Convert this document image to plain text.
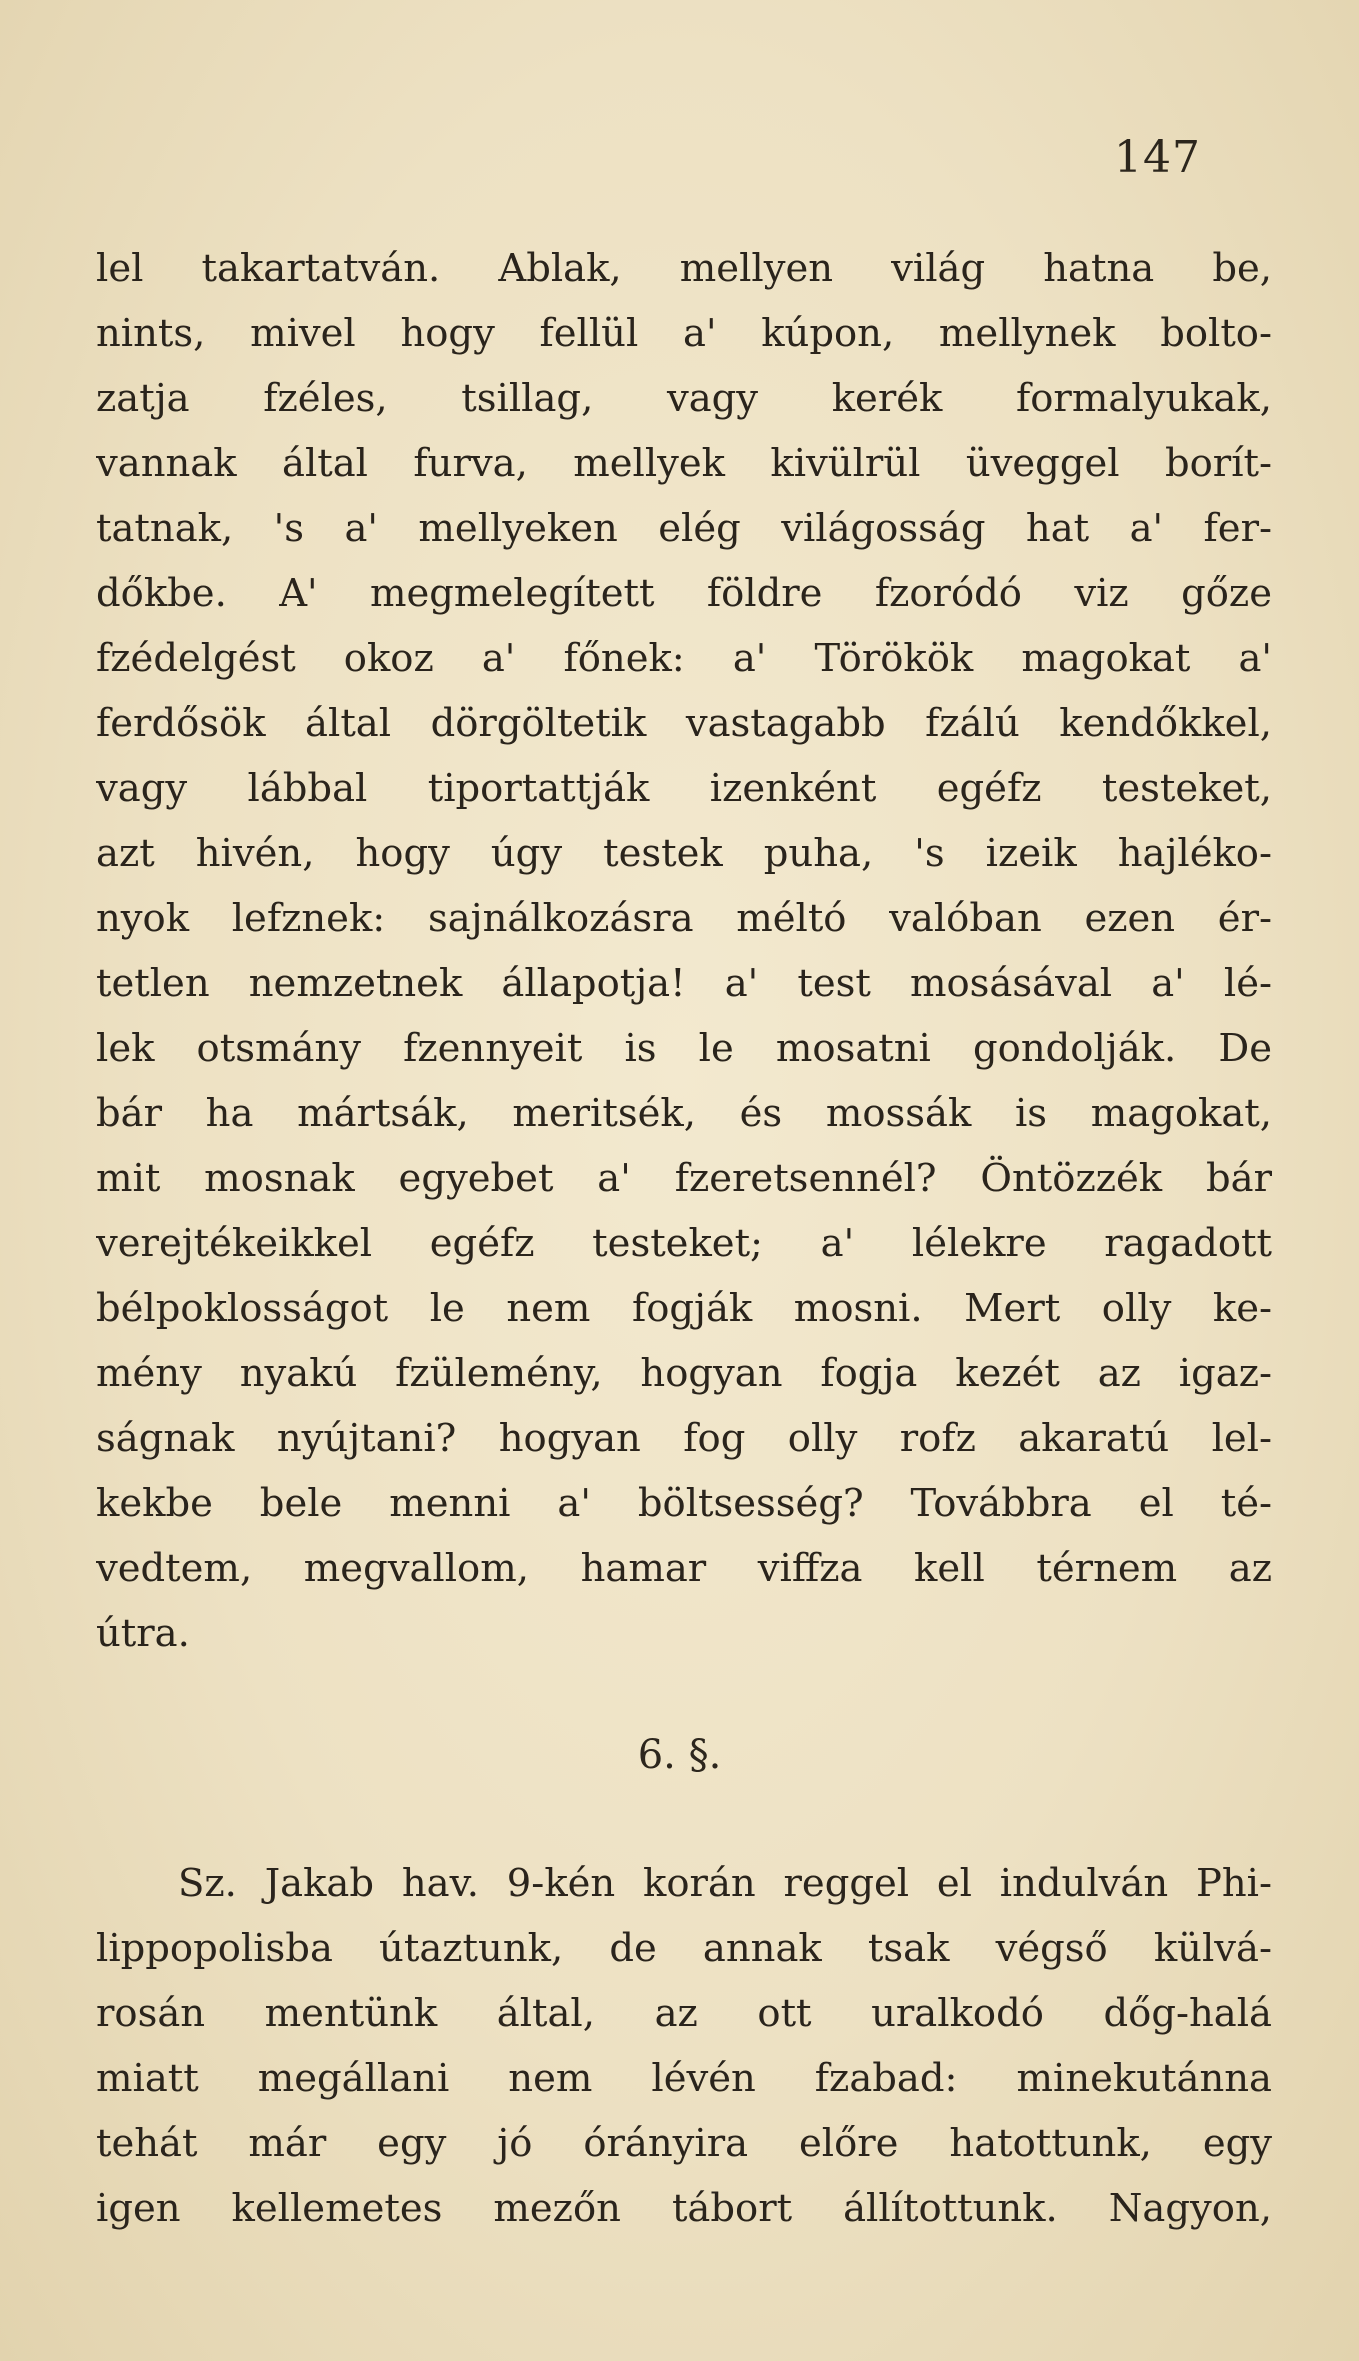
147
lel takartatván. Ablak, mellyen világ hatna be,
nints, mivel hogy fellül a' kúpon, mellynek bolto-
zatja fzéles, tsillag, vagy kerék formalyukak,
vannak által furva, mellyek kivülrül üveggel borít-
tatnak, 's a' mellyeken elég világosság hat a' fer-
dőkbe. A' megmelegített földre fzoródó viz gőze
fzédelgést okoz a' főnek: a' Törökök magokat a'
ferdősök által dörgöltetik vastagabb fzálú kendőkkel,
vagy lábbal tiportattják izenként egéfz testeket,
azt hivén, hogy úgy testek puha, 's izeik hajléko-
nyok lefznek: sajnálkozásra méltó valóban ezen ér-
tetlen nemzetnek állapotja! a' test mosásával a' lé-
lek otsmány fzennyeit is le mosatni gondolják. De
bár ha mártsák, meritsék, és mossák is magokat,
mit mosnak egyebet a' fzeretsennél? Öntözzék bár
verejtékeikkel egéfz testeket; a' lélekre ragadott
bélpoklosságot le nem fogják mosni. Mert olly ke-
mény nyakú fzülemény, hogyan fogja kezét az igaz-
ságnak nyújtani? hogyan fog olly rofz akaratú lel-
kekbe bele menni a' böltsesség? Továbbra el té-
vedtem, megvallom, hamar viffza kell térnem az
útra.
6. §.
Sz. Jakab hav. 9-kén korán reggel el indulván Phi-
lippopolisba útaztunk, de annak tsak végső külvá-
rosán mentünk által, az ott uralkodó dőg-halá
miatt megállani nem lévén fzabad: minekutánna
tehát már egy jó órányira előre hatottunk, egy
igen kellemetes mezőn tábort állítottunk. Nagyon,
